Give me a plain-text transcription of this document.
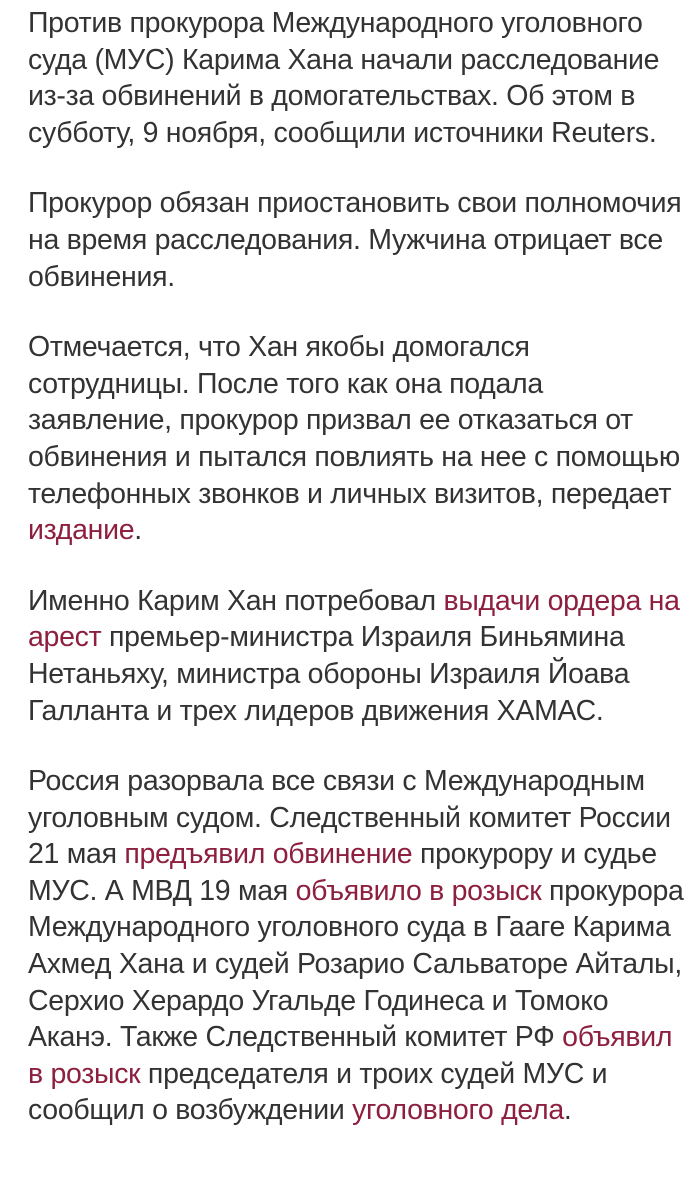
Против прокурора Международного уголовного суда (МУС) Карима Хана начали расследование из-за обвинений в домогательствах. Об этом в субботу, 9 ноября, сообщили источники Reuters.

Прокурор обязан приостановить свои полномочия на время расследования. Мужчина отрицает все обвинения.

Отмечается, что Хан якобы домогался сотрудницы. После того как она подала заявление, прокурор призвал ее отказаться от обвинения и пытался повлиять на нее с помощью телефонных звонков и личных визитов, передает издание.

Именно Карим Хан потребовал выдачи ордера на арест премьер-министра Израиля Биньямина Нетаньяху, министра обороны Израиля Йоава Галланта и трех лидеров движения ХАМАС.

Россия разорвала все связи с Международным уголовным судом. Следственный комитет России 21 мая предъявил обвинение прокурору и судье МУС. А МВД 19 мая объявило в розыск прокурора Международного уголовного суда в Гааге Карима Ахмед Хана и судей Розарио Сальваторе Айталы, Серхио Херардо Угальде Годинеса и Томоко Аканэ. Также Следственный комитет РФ объявил в розыск председателя и троих судей МУС и сообщил о возбуждении уголовного дела.
